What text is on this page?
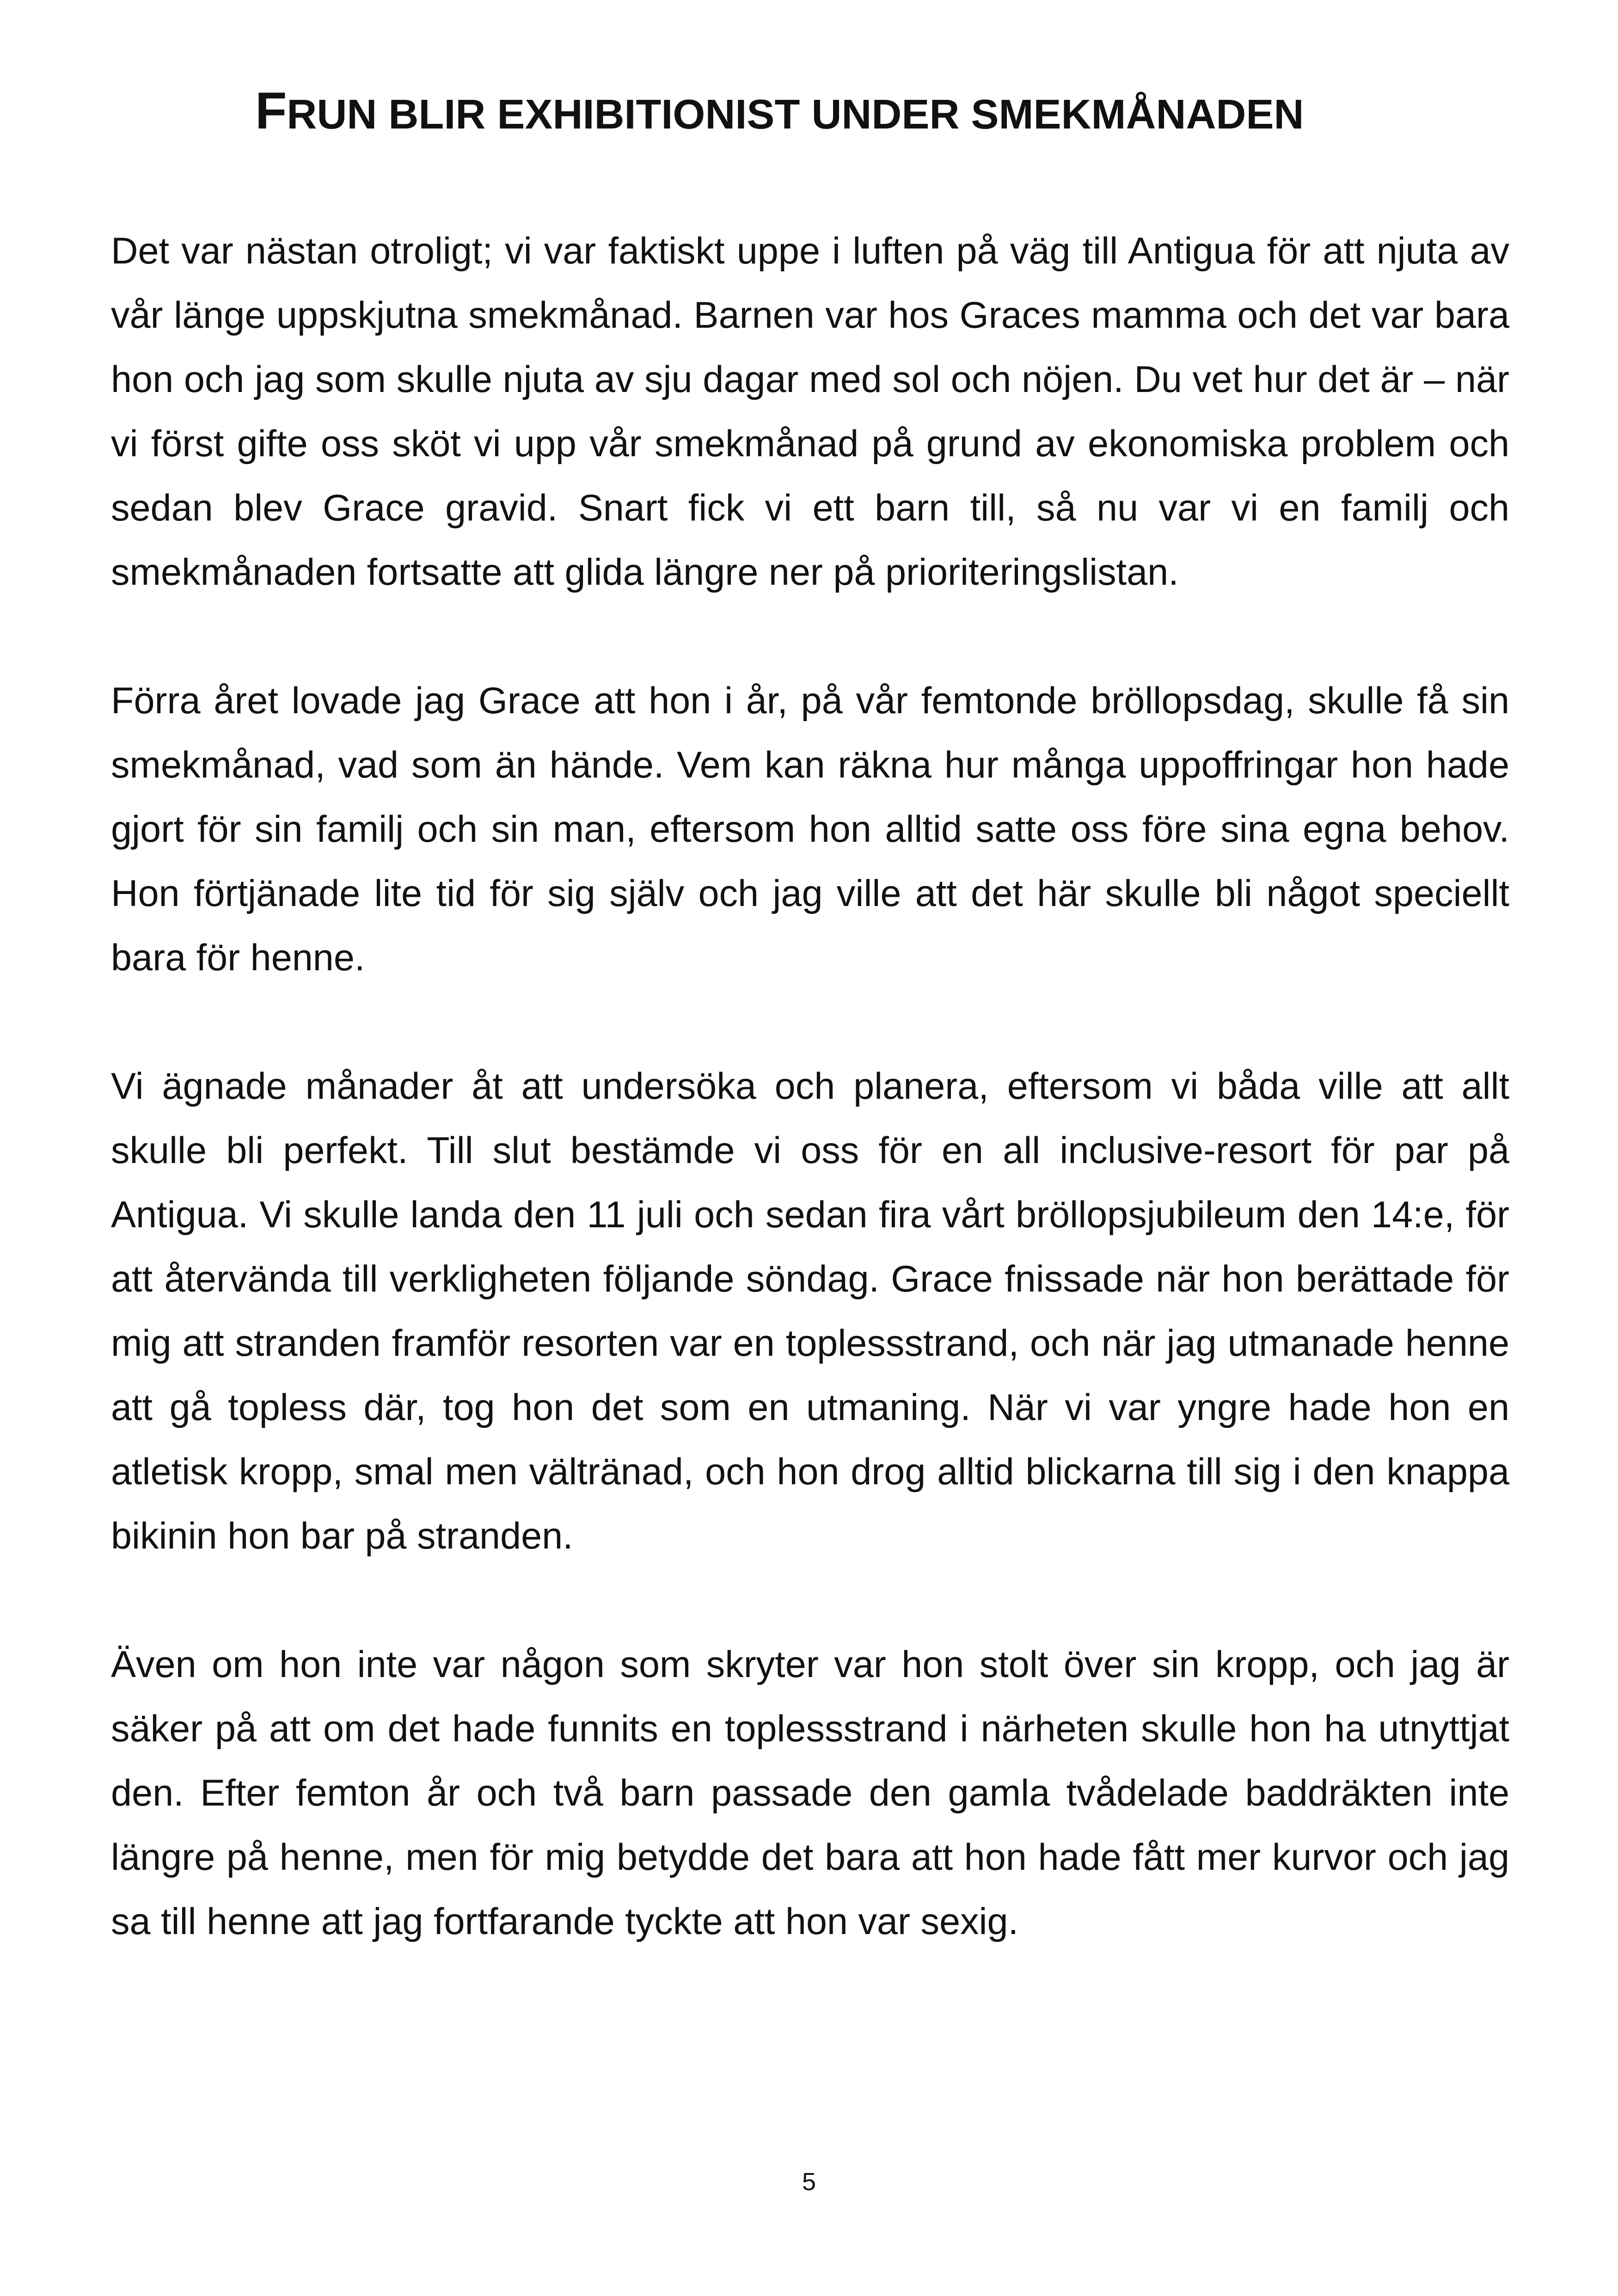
FRUN BLIR EXHIBITIONIST UNDER SMEKMÅNADEN

Det var nästan otroligt; vi var faktiskt uppe i luften på väg till Antigua för att njuta av vår länge uppskjutna smekmånad. Barnen var hos Graces mamma och det var bara hon och jag som skulle njuta av sju dagar med sol och nöjen. Du vet hur det är – när vi först gifte oss sköt vi upp vår smekmånad på grund av ekonomiska problem och sedan blev Grace gravid. Snart fick vi ett barn till, så nu var vi en familj och smekmånaden fortsatte att glida längre ner på prioriteringslistan.

Förra året lovade jag Grace att hon i år, på vår femtonde bröllopsdag, skulle få sin smekmånad, vad som än hände. Vem kan räkna hur många uppoffringar hon hade gjort för sin familj och sin man, eftersom hon alltid satte oss före sina egna behov. Hon förtjänade lite tid för sig själv och jag ville att det här skulle bli något speciellt bara för henne.

Vi ägnade månader åt att undersöka och planera, eftersom vi båda ville att allt skulle bli perfekt. Till slut bestämde vi oss för en all inclusive-resort för par på Antigua. Vi skulle landa den 11 juli och sedan fira vårt bröllopsjubileum den 14:e, för att återvända till verkligheten följande söndag. Grace fnissade när hon berättade för mig att stranden framför resorten var en toplessstrand, och när jag utmanade henne att gå topless där, tog hon det som en utmaning. När vi var yngre hade hon en atletisk kropp, smal men vältränad, och hon drog alltid blickarna till sig i den knappa bikinin hon bar på stranden.

Även om hon inte var någon som skryter var hon stolt över sin kropp, och jag är säker på att om det hade funnits en toplessstrand i närheten skulle hon ha utnyttjat den. Efter femton år och två barn passade den gamla tvådelade baddräkten inte längre på henne, men för mig betydde det bara att hon hade fått mer kurvor och jag sa till henne att jag fortfarande tyckte att hon var sexig.

5
